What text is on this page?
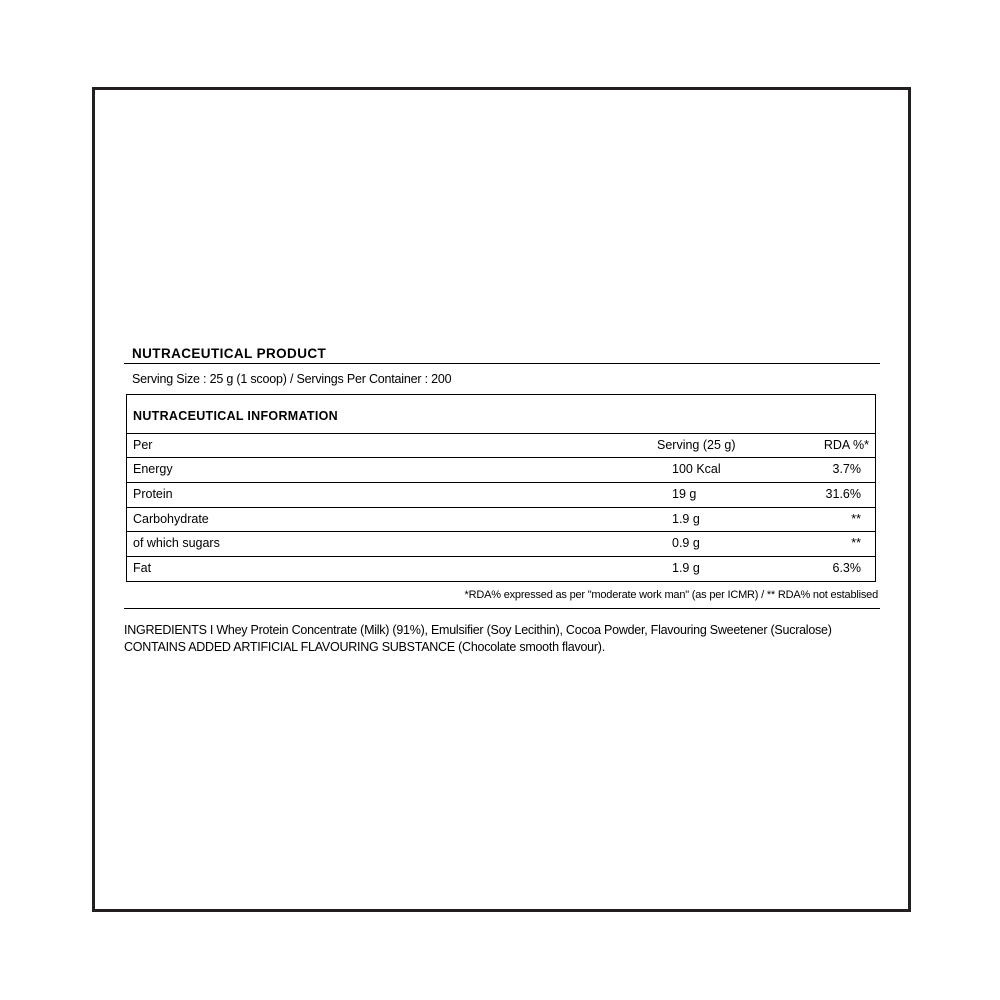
NUTRACEUTICAL PRODUCT
Serving Size : 25 g (1 scoop) / Servings Per Container : 200
NUTRACEUTICAL INFORMATION
Per	Serving (25 g)	RDA %*
Energy	100 Kcal	3.7%
Protein	19 g	31.6%
Carbohydrate	1.9 g	**
of which sugars	0.9 g	**
Fat	1.9 g	6.3%
*RDA% expressed as per "moderate work man" (as per ICMR) / ** RDA% not establised
INGREDIENTS I Whey Protein Concentrate (Milk) (91%), Emulsifier (Soy Lecithin), Cocoa Powder, Flavouring Sweetener (Sucralose)
CONTAINS ADDED ARTIFICIAL FLAVOURING SUBSTANCE (Chocolate smooth flavour).
